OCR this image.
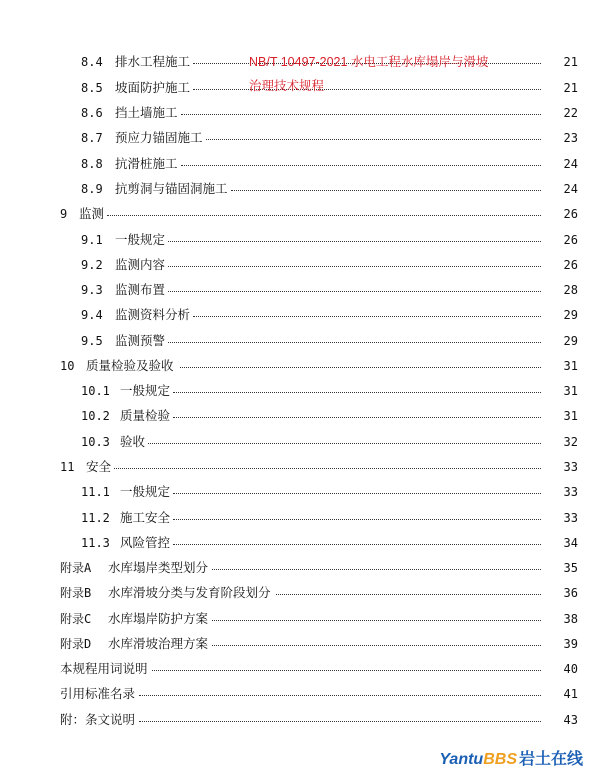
8.4 排水工程施工	21
8.5 坡面防护施工	21
8.6 挡土墙施工	22
8.7 预应力锚固施工	23
8.8 抗滑桩施工	24
8.9 抗剪洞与锚固洞施工	24
9 监测	26
9.1 一般规定	26
9.2 监测内容	26
9.3 监测布置	28
9.4 监测资料分析	29
9.5 监测预警	29
10 质量检验及验收	31
10.1 一般规定	31
10.2 质量检验	31
10.3 验收	32
11 安全	33
11.1 一般规定	33
11.2 施工安全	33
11.3 风险管控	34
附录A 水库塌岸类型划分	35
附录B 水库滑坡分类与发育阶段划分	36
附录C 水库塌岸防护方案	38
附录D 水库滑坡治理方案	39
本规程用词说明	40
引用标准名录	41
附：条文说明	43
NB/T 10497-2021 水电工程水库塌岸与滑坡
治理技术规程
YantuBBS 岩土在线
